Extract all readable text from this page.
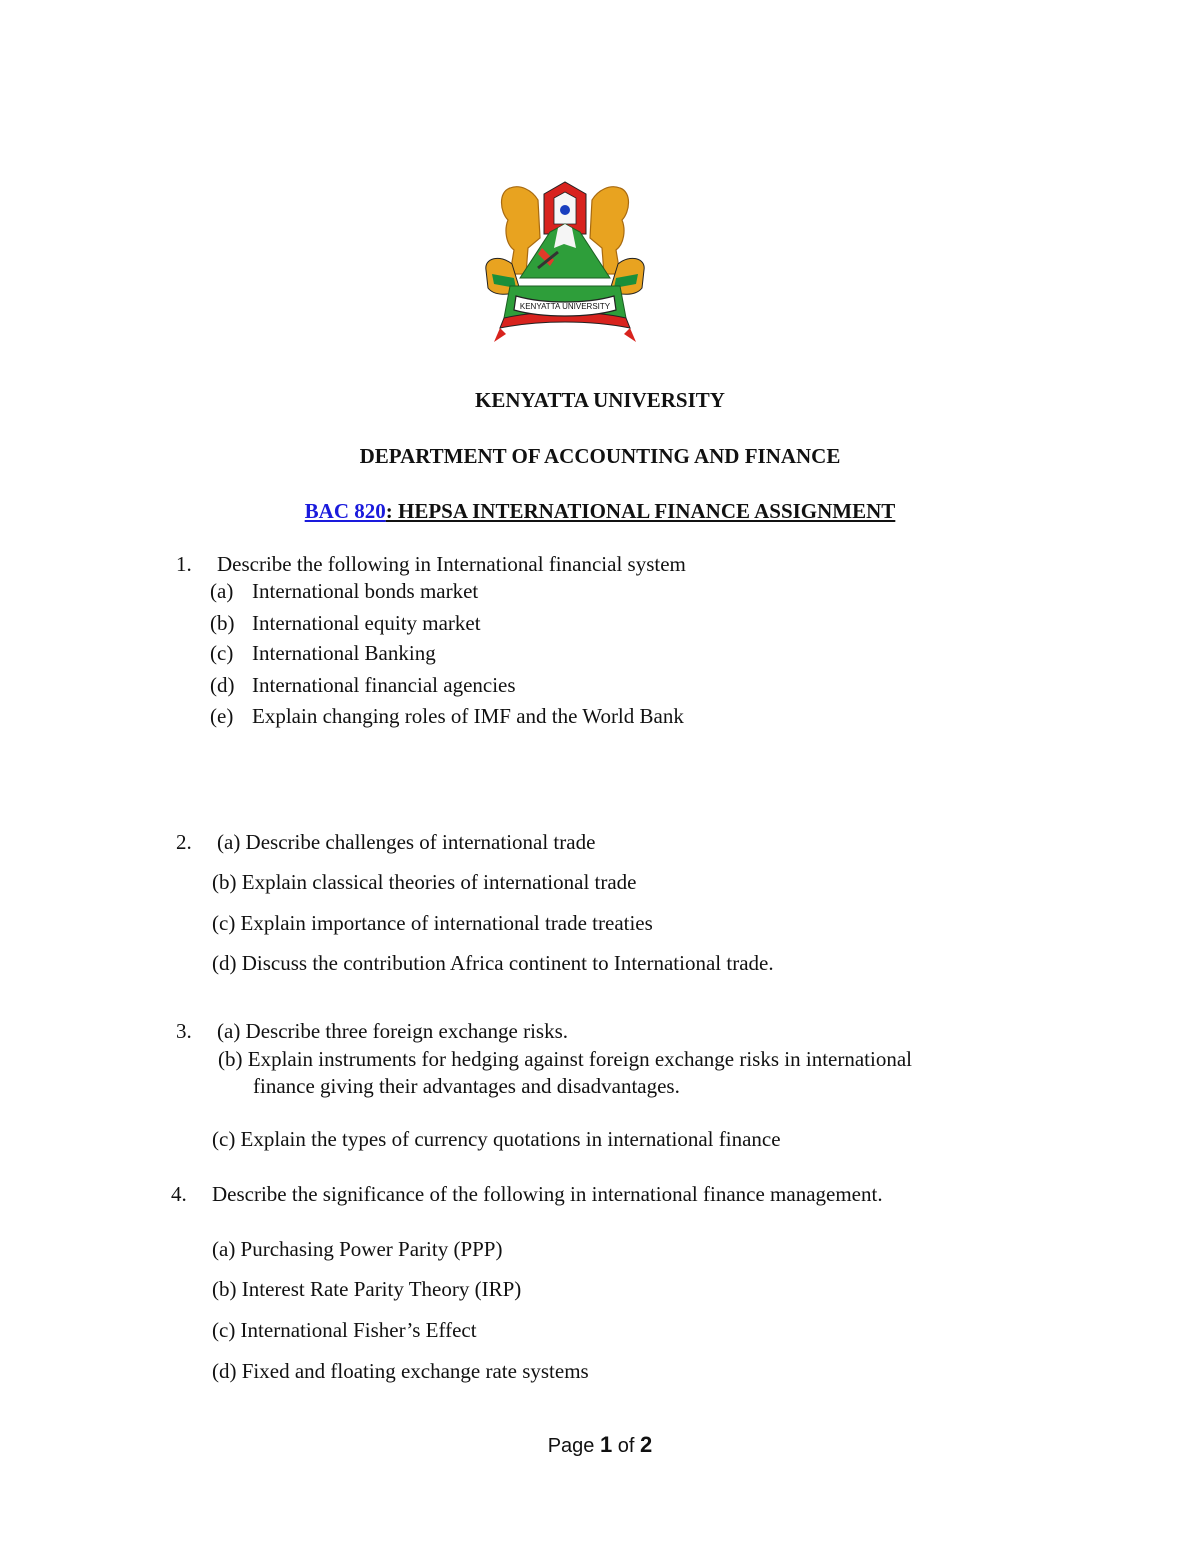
KENYATTA UNIVERSITY
KENYATTA UNIVERSITY
DEPARTMENT OF ACCOUNTING AND FINANCE
BAC 820: HEPSA INTERNATIONAL FINANCE ASSIGNMENT
1. Describe the following in International financial system
(a) International bonds market
(b) International equity market
(c) International Banking
(d) International financial agencies
(e) Explain changing roles of IMF and the World Bank
2. (a) Describe challenges of international trade
(b) Explain classical theories of international trade
(c) Explain importance of international trade treaties
(d) Discuss the contribution Africa continent to International trade.
3. (a) Describe three foreign exchange risks.
(b) Explain instruments for hedging against foreign exchange risks in international
finance giving their advantages and disadvantages.
(c) Explain the types of currency quotations in international finance
4. Describe the significance of the following in international finance management.
(a) Purchasing Power Parity (PPP)
(b) Interest Rate Parity Theory (IRP)
(c) International Fisher’s Effect
(d) Fixed and floating exchange rate systems
Page 1 of 2
